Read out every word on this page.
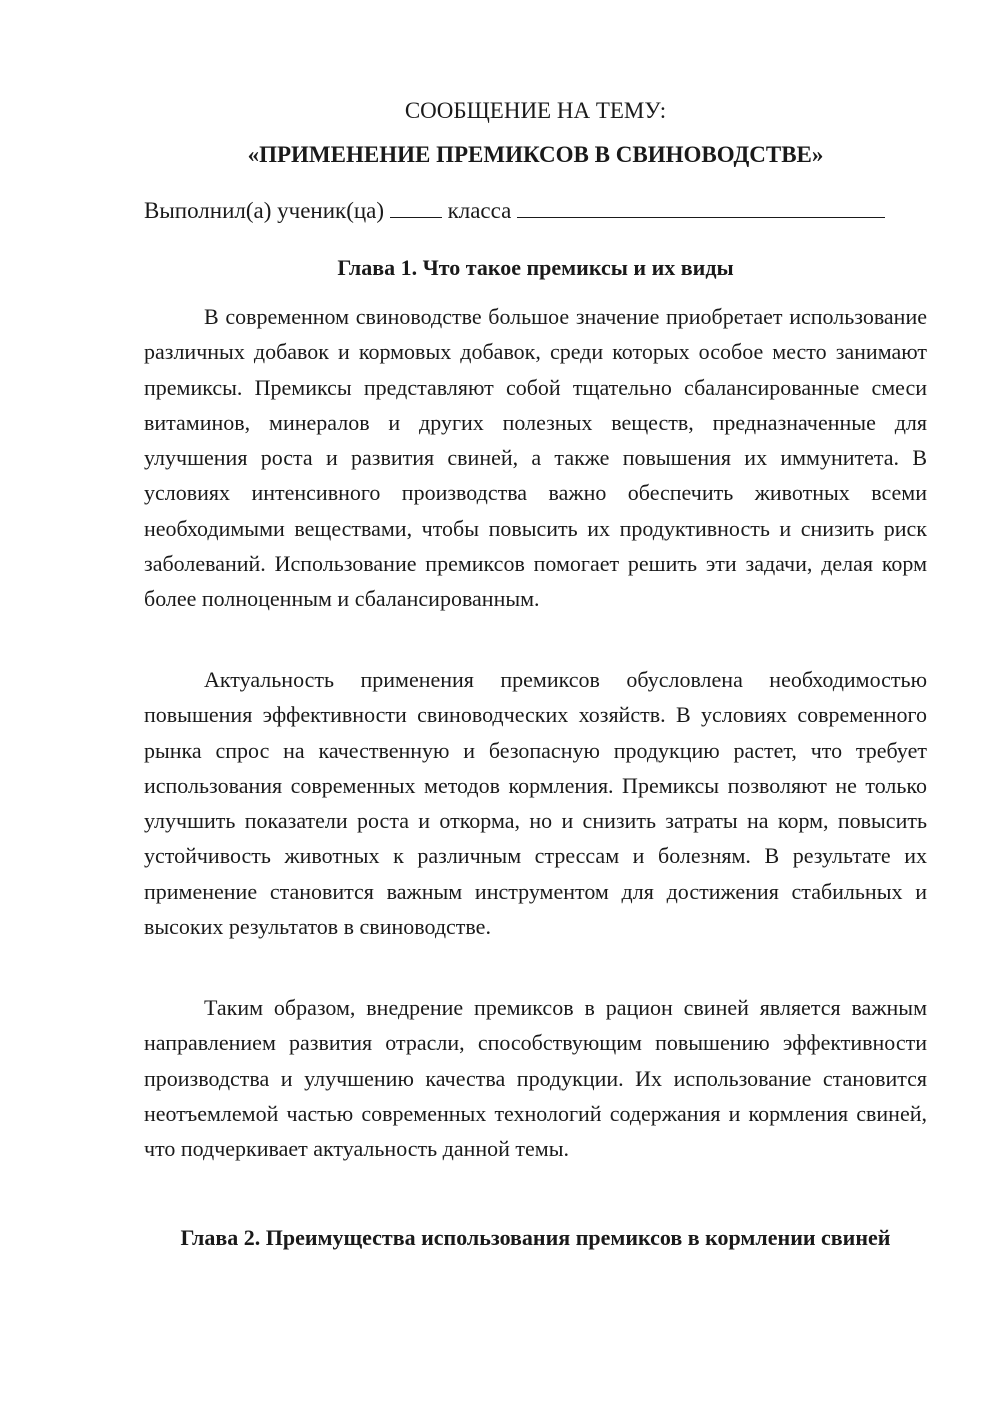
СООБЩЕНИЕ НА ТЕМУ:
«ПРИМЕНЕНИЕ ПРЕМИКСОВ В СВИНОВОДСТВЕ»
Выполнил(а) ученик(ца)	класса
Глава 1. Что такое премиксы и их виды

В современном свиноводстве большое значение приобретает использование различных добавок и кормовых добавок, среди которых особое место занимают премиксы. Премиксы представляют собой тщательно сбалансированные смеси витаминов, минералов и других полезных веществ, предназначенные для улучшения роста и развития свиней, а также повышения их иммунитета. В условиях интенсивного производства важно обеспечить животных всеми необходимыми веществами, чтобы повысить их продуктивность и снизить риск заболеваний. Использование премиксов помогает решить эти задачи, делая корм более полноценным и сбалансированным.

Актуальность применения премиксов обусловлена необходимостью повышения эффективности свиноводческих хозяйств. В условиях современного рынка спрос на качественную и безопасную продукцию растет, что требует использования современных методов кормления. Премиксы позволяют не только улучшить показатели роста и откорма, но и снизить затраты на корм, повысить устойчивость животных к различным стрессам и болезням. В результате их применение становится важным инструментом для достижения стабильных и высоких результатов в свиноводстве.

Таким образом, внедрение премиксов в рацион свиней является важным направлением развития отрасли, способствующим повышению эффективности производства и улучшению качества продукции. Их использование становится неотъемлемой частью современных технологий содержания и кормления свиней, что подчеркивает актуальность данной темы.

Глава 2. Преимущества использования премиксов в кормлении свиней
